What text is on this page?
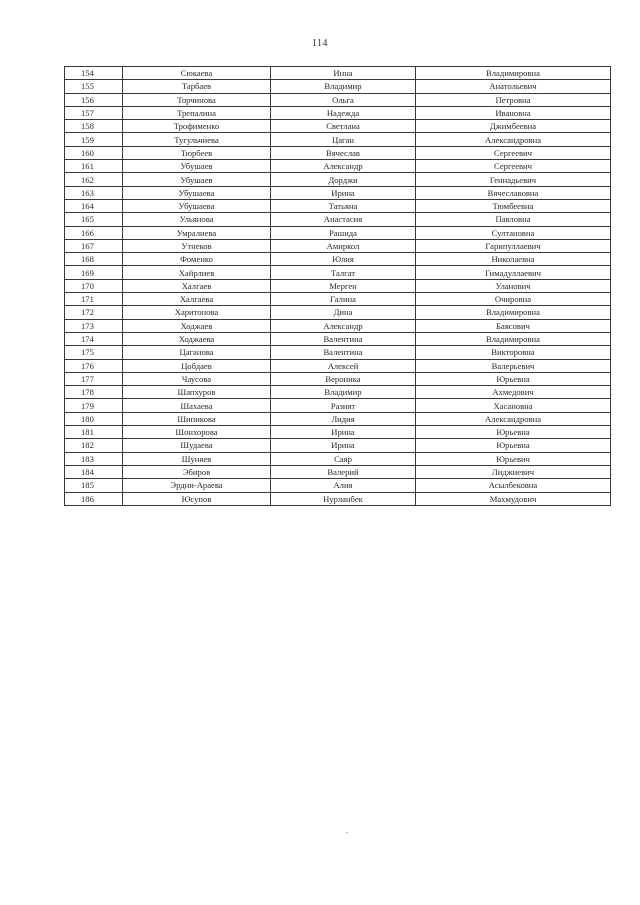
114
154	Сюкаева	Инна	Владимировна
155	Тарбаев	Владимир	Анатольевич
156	Торчинова	Ольга	Петровна
157	Трепалина	Надежда	Ивановна
158	Трофименко	Светлана	Джимбеевна
159	Тугульчиева	Цаган	Александровна
160	Тюрбеев	Вячеслав	Сергеевич
161	Убушаев	Александр	Сергеевич
162	Убушаев	Дорджи	Геннадьевич
163	Убушаева	Ирина	Вячеславовна
164	Убушаева	Татьяна	Тюмбеевна
165	Ульянова	Анастасия	Павловна
166	Умралиева	Рашида	Султановна
167	Утнеков	Амиркол	Гарипуллаевич
168	Фоменко	Юлия	Николаевна
169	Хайрлиев	Талгат	Гимадуллаевич
170	Халгаев	Мерген	Уланович
171	Халгаева	Галина	Очировна
172	Харитонова	Дина	Владимировна
173	Ходжаев	Александр	Баясович
174	Ходжаева	Валентина	Владимировна
175	Цаганова	Валентина	Викторовна
176	Цобдаев	Алексей	Валерьевич
177	Чаусова	Вероника	Юрьевна
178	Шапхуров	Владимир	Ахмедович
179	Шахаева	Разият	Хасановна
180	Шипикова	Лидия	Александровна
181	Шонхорова	Ирина	Юрьевна
182	Шудаева	Ирина	Юрьевна
183	Шуняев	Саяр	Юрьевич
184	Эбиров	Валерий	Лиджиевич
185	Эрдни-Араева	Алия	Асылбековна
186	Юсупов	Нурланбек	Махмудович
